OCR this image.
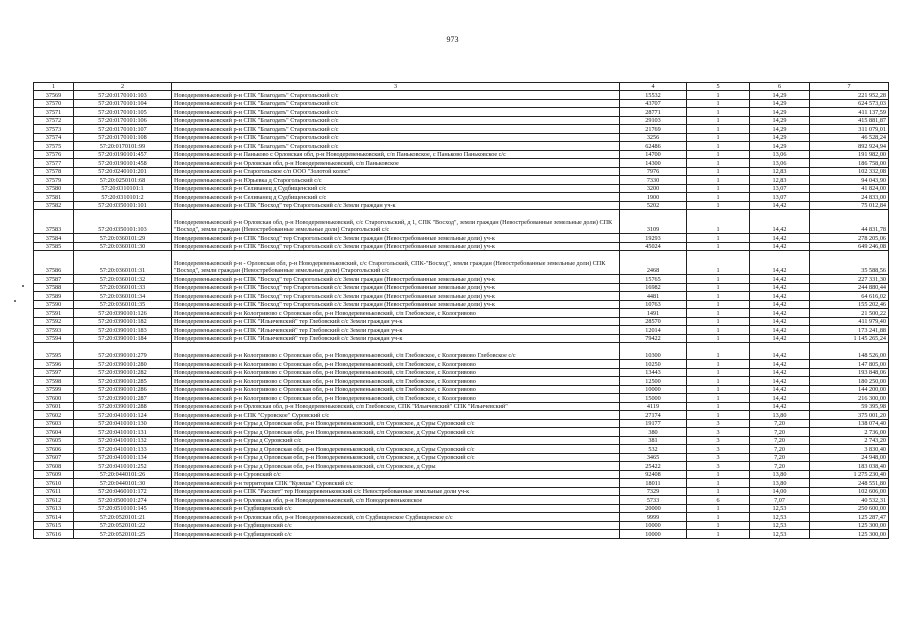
973
1	2	3	4	5	6	7
37569	57:20:0170101:103	Новодеревеньковский р-н СПК "Благодать" Старогольский с/с	15532	1	14,29	221 952,28
37570	57:20:0170101:104	Новодеревеньковский р-н СПК "Благодать" Старогольский с/с	43707	1	14,29	624 573,03
37571	57:20:0170101:105	Новодеревеньковский р-н СПК "Благодать" Старогольский с/с	28771	1	14,29	411 137,59
37572	57:20:0170101:106	Новодеревеньковский р-н СПК "Благодать" Старогольский с/с	29103	1	14,29	415 881,87
37573	57:20:0170101:107	Новодеревеньковский р-н СПК "Благодать" Старогольский с/с	21769	1	14,29	311 079,01
37574	57:20:0170101:108	Новодеревеньковский р-н СПК "Благодать" Старогольский с/с	3256	1	14,29	46 528,24
37575	57:20:0170101:99	Новодеревеньковский р-н СПК "Благодать" Старогольский с/с	62486	1	14,29	892 924,94
37576	57:20:0190101:457	Новодеревеньковский р-н Паньково с Орловская обл, р-н Новодеревеньковский, с/п Паньковское, с Паньково Паньковское с/с	14700	1	13,06	191 982,00
37577	57:20:0190101:458	Новодеревеньковский р-н Орловская обл, р-н Новодеревеньковский, с/п Паньковское	14300	1	13,06	186 758,00
37578	57:20:0240101:201	Новодеревеньковский р-н Старогольское с/п ООО "Золотой колос"	7976	1	12,83	102 332,08
37579	57:20:0250101:68	Новодеревеньковский р-н Юрьевка д Старогольский с/с	7330	1	12,83	94 043,90
37580	57:20:0310101:1	Новодеревеньковский р-н Селиванец д Судбищенский с/с	3200	1	13,07	41 824,00
37581	57:20:0310101:2	Новодеревеньковский р-н Селиванец д Судбищенский с/с	1900	1	13,07	24 833,00
37582	57:20:0350101:101	Новодеревеньковский р-н СПК "Восход" тер Старогольский с/с Земли граждан уч-к	5202	1	14,42	75 012,84
37583	57:20:0350101:103	Новодеревеньковский р-н Орловская обл, р-н Новодеревеньковский, с/с Старогольский, д 1, СПК "Восход", земли граждан (Невостребованные земельные доли) СПК "Восход", земли граждан (Невостребованные земельные доли) Старогольский с/с	3109	1	14,42	44 831,78
37584	57:20:0360101:29	Новодеревеньковский р-н СПК "Восход" тер Старогольский с/с Земли граждан (Невостребованные земельные доли) уч-к	19293	1	14,42	278 205,06
37585	57:20:0360101:30	Новодеревеньковский р-н СПК "Восход" тер Старогольский с/с Земли граждан (Невостребованные земельные доли) уч-к	45024	1	14,42	649 246,08
37586	57:20:0360101:31	Новодеревеньковский р-н - Орловская обл, р-н Новодеревеньковский, с/с Старогольский, СПК-"Восход", земли граждан (Невостребованные земельные доли) СПК "Восход", земли граждан (Невостребованные земельные доли) Старогольский с/с	2468	1	14,42	35 588,56
37587	57:20:0360101:32	Новодеревеньковский р-н СПК "Восход" тер Старогольский с/с Земли граждан (Невостребованные земельные доли) уч-к	15765	1	14,42	227 331,30
37588	57:20:0360101:33	Новодеревеньковский р-н СПК "Восход" тер Старогольский с/с Земли граждан (Невостребованные земельные доли) уч-к	16982	1	14,42	244 880,44
37589	57:20:0360101:34	Новодеревеньковский р-н СПК "Восход" тер Старогольский с/с Земли граждан (Невостребованные земельные доли) уч-к	4481	1	14,42	64 616,02
37590	57:20:0360101:35	Новодеревеньковский р-н СПК "Восход" тер Старогольский с/с Земли граждан (Невостребованные земельные доли) уч-к	10763	1	14,42	155 202,46
37591	57:20:0390101:126	Новодеревеньковский р-н Кологривово с Орловская обл, р-н Новодеревеньковский, с/п Глебовское, с Кологривово	1491	1	14,42	21 500,22
37592	57:20:0390101:182	Новодеревеньковский р-н СПК "Ильичевский" тер Глебовский с/с Земли граждан уч-к	28570	1	14,42	411 979,40
37593	57:20:0390101:183	Новодеревеньковский р-н СПК "Ильичевский" тер Глебовский с/с Земли граждан уч-к	12014	1	14,42	173 241,88
37594	57:20:0390101:184	Новодеревеньковский р-н СПК "Ильичевский" тер Глебовский с/с Земли граждан уч-к	79422	1	14,42	1 145 265,24
37595	57:20:0390101:279	Новодеревеньковский р-н Кологривово с Орловская обл, р-н Новодеревеньковский, с/п Глебовское, с Кологривово Глебовское с/с	10300	1	14,42	148 526,00
37596	57:20:0390101:280	Новодеревеньковский р-н Кологривово с Орловская обл, р-н Новодеревеньковский, с/п Глебовское, с Кологривово	10250	1	14,42	147 805,00
37597	57:20:0390101:282	Новодеревеньковский р-н Кологривово с Орловская обл, р-н Новодеревеньковский, с/п Глебовское, с Кологривово	13443	1	14,42	193 848,06
37598	57:20:0390101:285	Новодеревеньковский р-н Кологривово с Орловская обл, р-н Новодеревеньковский, с/п Глебовское, с Кологривово	12500	1	14,42	180 250,00
37599	57:20:0390101:286	Новодеревеньковский р-н Кологривово с Орловская обл, р-н Новодеревеньковский, с/п Глебовское, с Кологривово	10000	1	14,42	144 200,00
37600	57:20:0390101:287	Новодеревеньковский р-н Кологривово с Орловская обл, р-н Новодеревеньковский, с/п Глебовское, с Кологривово	15000	1	14,42	216 300,00
37601	57:20:0390101:288	Новодеревеньковский р-н Орловская обл, р-н Новодеревеньковский, с/п Глебовское, СПК "Ильичевский" СПК "Ильичевский"	4119	1	14,42	59 395,98
37602	57:20:0410101:124	Новодеревеньковский р-н СПК "Суровское" Суровский с/с	27174	1	13,80	375 001,20
37603	57:20:0410101:130	Новодеревеньковский р-н Суры д Орловская обл, р-н Новодеревеньковский, с/п Суровское, д Суры Суровский с/с	19177	3	7,20	138 074,40
37604	57:20:0410101:131	Новодеревеньковский р-н Суры д Орловская обл, р-н Новодеревеньковский, с/п Суровское, д Суры Суровский с/с	380	3	7,20	2 736,00
37605	57:20:0410101:132	Новодеревеньковский р-н Суры д Суровский с/с	381	3	7,20	2 743,20
37606	57:20:0410101:133	Новодеревеньковский р-н Суры д Орловская обл, р-н Новодеревеньковский, с/п Суровское, д Суры Суровский с/с	532	3	7,20	3 830,40
37607	57:20:0410101:134	Новодеревеньковский р-н Суры д Орловская обл, р-н Новодеревеньковский, с/п Суровское, д Суры Суровский с/с	3465	3	7,20	24 948,00
37608	57:20:0410101:252	Новодеревеньковский р-н Суры д Орловская обл, р-н Новодеревеньковский, с/п Суровское, д Суры	25422	3	7,20	183 038,40
37609	57:20:0440101:26	Новодеревеньковский р-н Суровский с/с	92408	1	13,80	1 275 230,40
37610	57:20:0440101:30	Новодеревеньковский р-н территория СПК "Кулешa" Суровский с/с	18011	1	13,80	248 551,80
37611	57:20:0460101:172	Новодеревеньковский р-н СПК "Рассвет" тер Новодеревеньковский с/с Невостребованные земельные доли уч-к	7329	1	14,00	102 606,00
37612	57:20:0500101:274	Новодеревеньковский р-н Орловская обл, р-н Новодеревеньковский, с/п Новодеревеньковское	5733	6	7,07	40 532,31
37613	57:20:0510101:145	Новодеревеньковский р-н Судбищенский с/с	20000	1	12,53	250 600,00
37614	57:20:0520101:21	Новодеревеньковский р-н Орловская обл, р-н Новодеревеньковский, с/п Судбищенское Судбищенское с/с	9999	1	12,53	125 287,47
37615	57:20:0520101:22	Новодеревеньковский р-н Судбищенский с/с	10000	1	12,53	125 300,00
37616	57:20:0520101:25	Новодеревеньковский р-н Судбищенский с/с	10000	1	12,53	125 300,00
